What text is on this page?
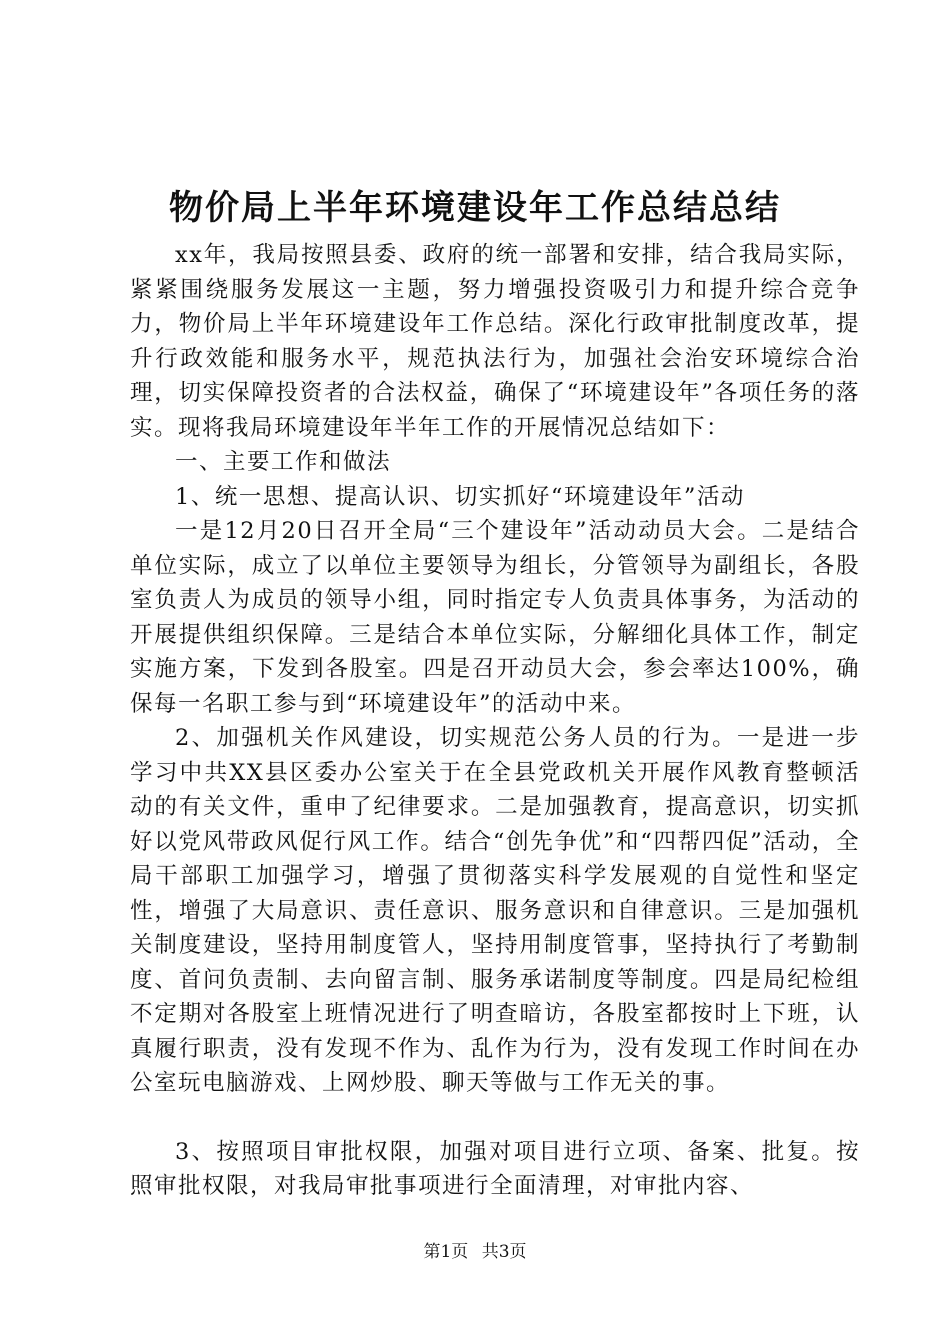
物价局上半年环境建设年工作总结总结

xx年，我局按照县委、政府的统一部署和安排，结合我局实际，紧紧围绕服务发展这一主题，努力增强投资吸引力和提升综合竞争力，物价局上半年环境建设年工作总结。深化行政审批制度改革，提升行政效能和服务水平，规范执法行为，加强社会治安环境综合治理，切实保障投资者的合法权益，确保了“环境建设年”各项任务的落实。现将我局环境建设年半年工作的开展情况总结如下：

一、主要工作和做法

1、统一思想、提高认识、切实抓好“环境建设年”活动

一是12月20日召开全局“三个建设年”活动动员大会。二是结合单位实际，成立了以单位主要领导为组长，分管领导为副组长，各股室负责人为成员的领导小组，同时指定专人负责具体事务，为活动的开展提供组织保障。三是结合本单位实际，分解细化具体工作，制定实施方案，下发到各股室。四是召开动员大会，参会率达100%，确保每一名职工参与到“环境建设年”的活动中来。

2、加强机关作风建设，切实规范公务人员的行为。一是进一步学习中共XX县区委办公室关于在全县党政机关开展作风教育整顿活动的有关文件，重申了纪律要求。二是加强教育，提高意识，切实抓好以党风带政风促行风工作。结合“创先争优”和“四帮四促”活动，全局干部职工加强学习，增强了贯彻落实科学发展观的自觉性和坚定性，增强了大局意识、责任意识、服务意识和自律意识。三是加强机关制度建设，坚持用制度管人，坚持用制度管事，坚持执行了考勤制度、首问负责制、去向留言制、服务承诺制度等制度。四是局纪检组不定期对各股室上班情况进行了明查暗访，各股室都按时上下班，认真履行职责，没有发现不作为、乱作为行为，没有发现工作时间在办公室玩电脑游戏、上网炒股、聊天等做与工作无关的事。

3、按照项目审批权限，加强对项目进行立项、备案、批复。按照审批权限，对我局审批事项进行全面清理，对审批内容、

第1页 共3页
